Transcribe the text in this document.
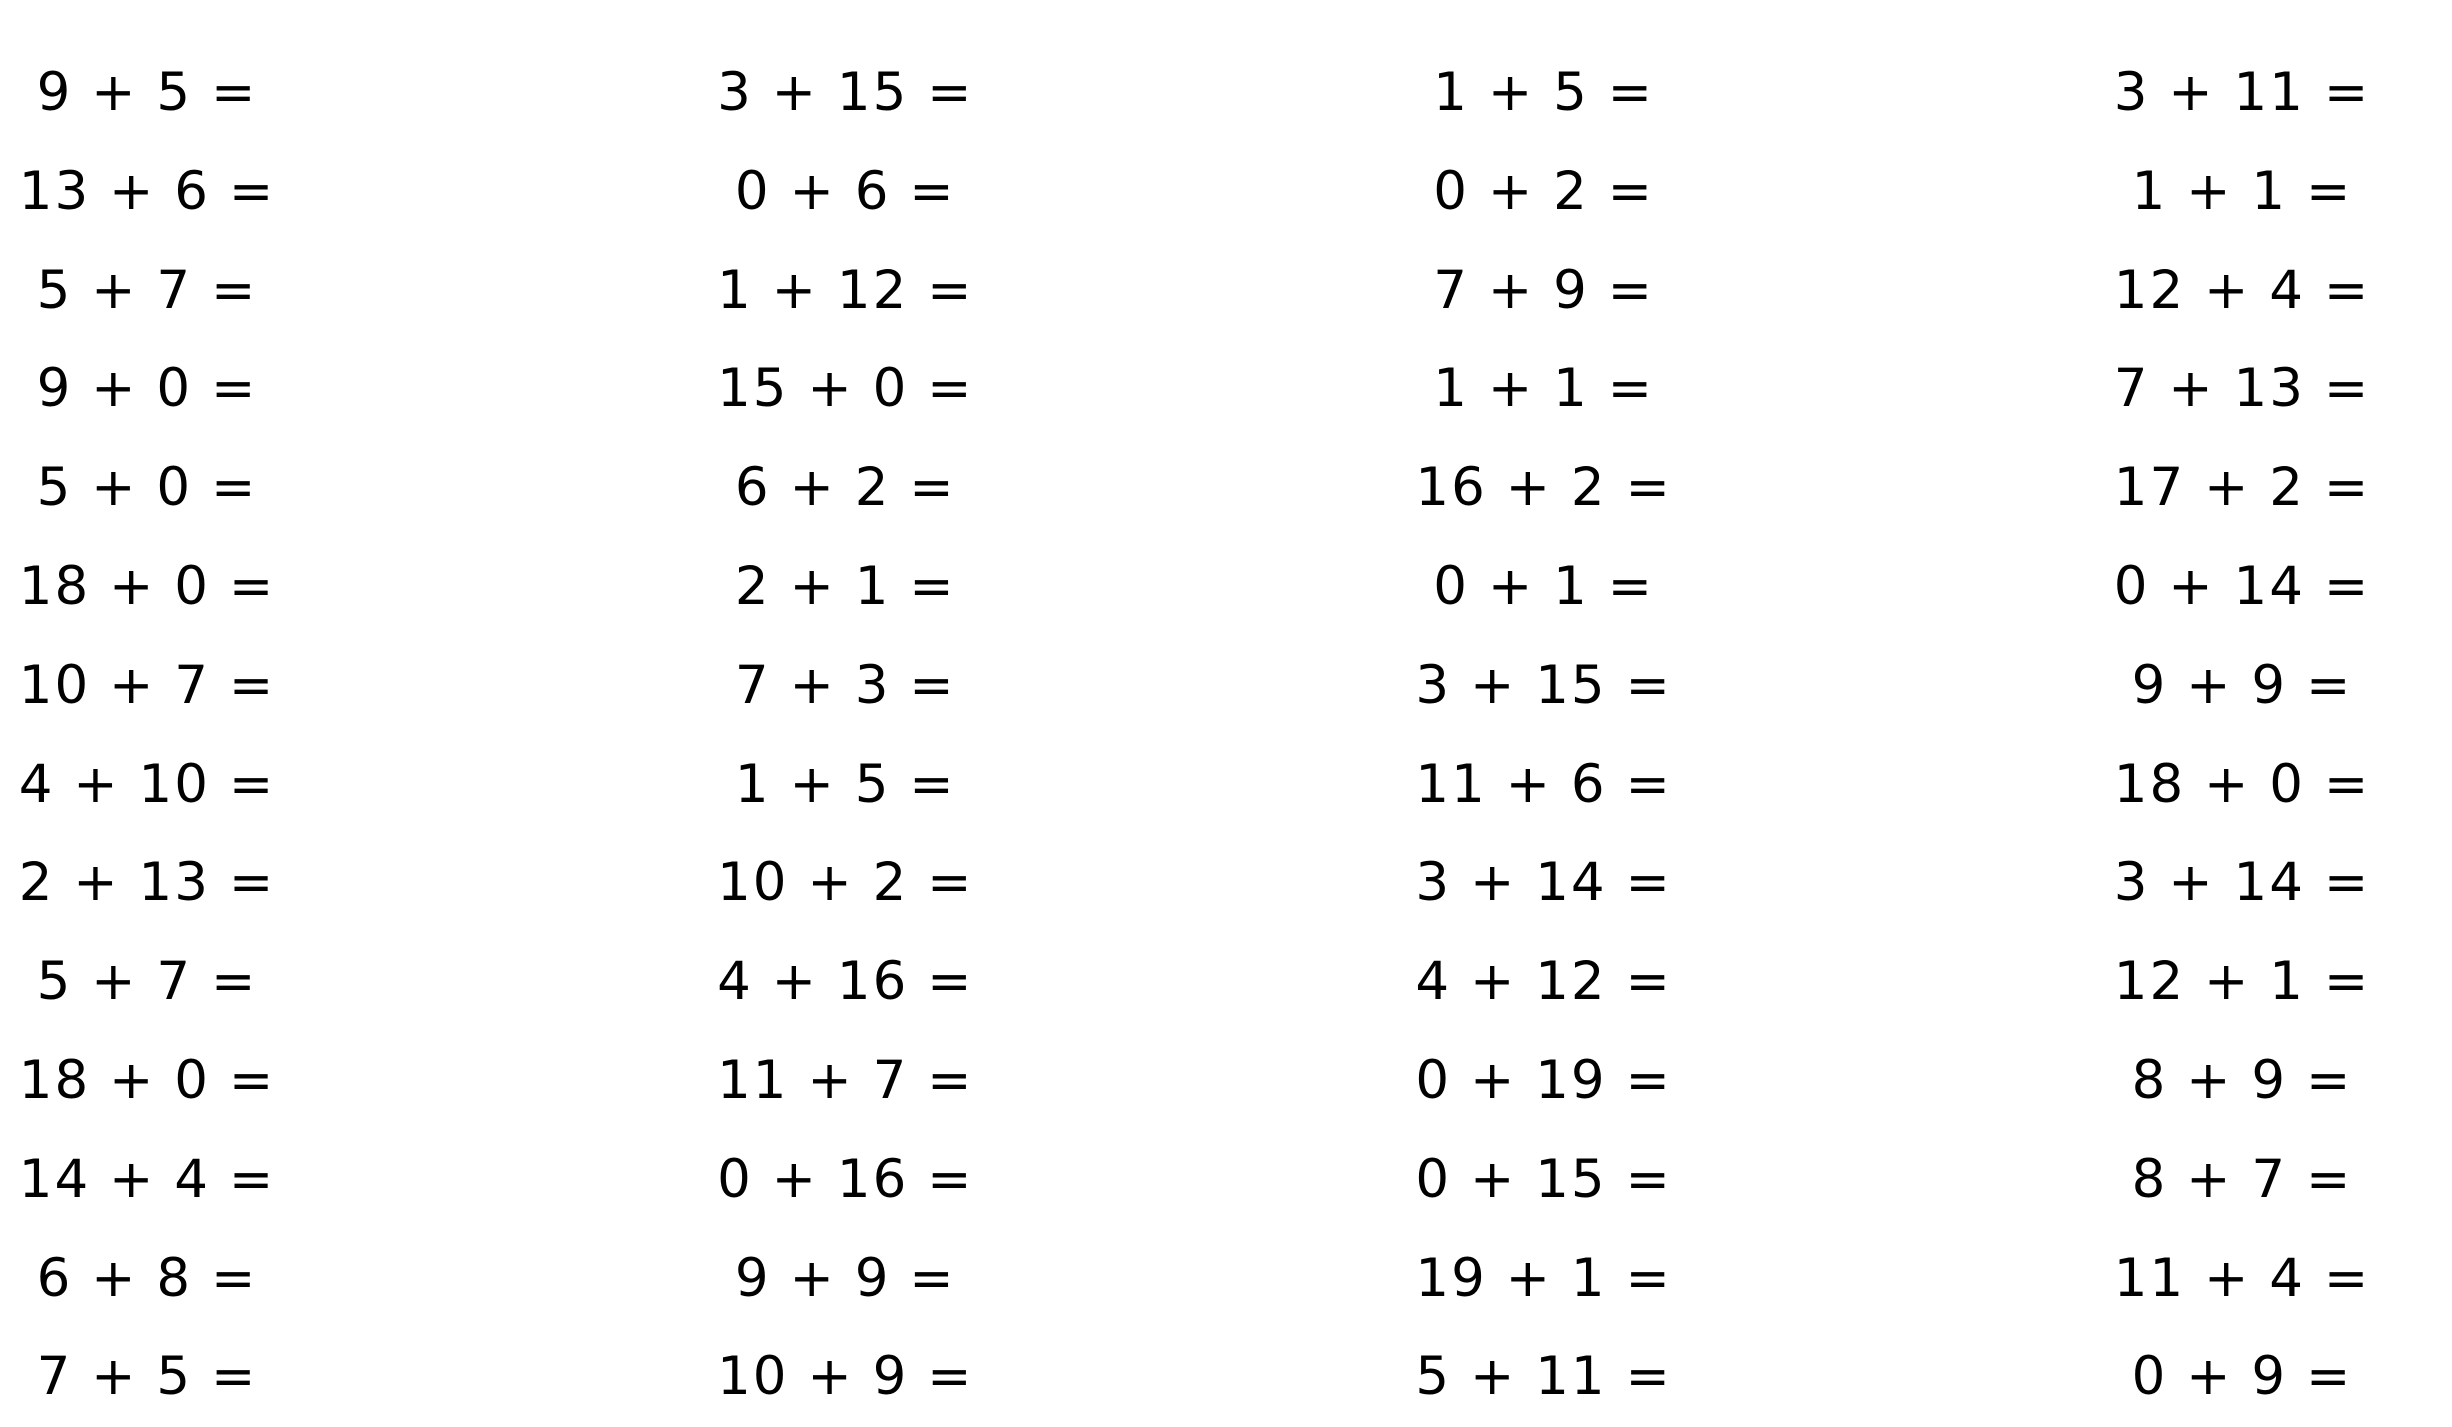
9 + 5 =
13 + 6 =
5 + 7 =
9 + 0 =
5 + 0 =
18 + 0 =
10 + 7 =
4 + 10 =
2 + 13 =
5 + 7 =
18 + 0 =
14 + 4 =
6 + 8 =
7 + 5 =
3 + 15 =
0 + 6 =
1 + 12 =
15 + 0 =
6 + 2 =
2 + 1 =
7 + 3 =
1 + 5 =
10 + 2 =
4 + 16 =
11 + 7 =
0 + 16 =
9 + 9 =
10 + 9 =
1 + 5 =
0 + 2 =
7 + 9 =
1 + 1 =
16 + 2 =
0 + 1 =
3 + 15 =
11 + 6 =
3 + 14 =
4 + 12 =
0 + 19 =
0 + 15 =
19 + 1 =
5 + 11 =
3 + 11 =
1 + 1 =
12 + 4 =
7 + 13 =
17 + 2 =
0 + 14 =
9 + 9 =
18 + 0 =
3 + 14 =
12 + 1 =
8 + 9 =
8 + 7 =
11 + 4 =
0 + 9 =
